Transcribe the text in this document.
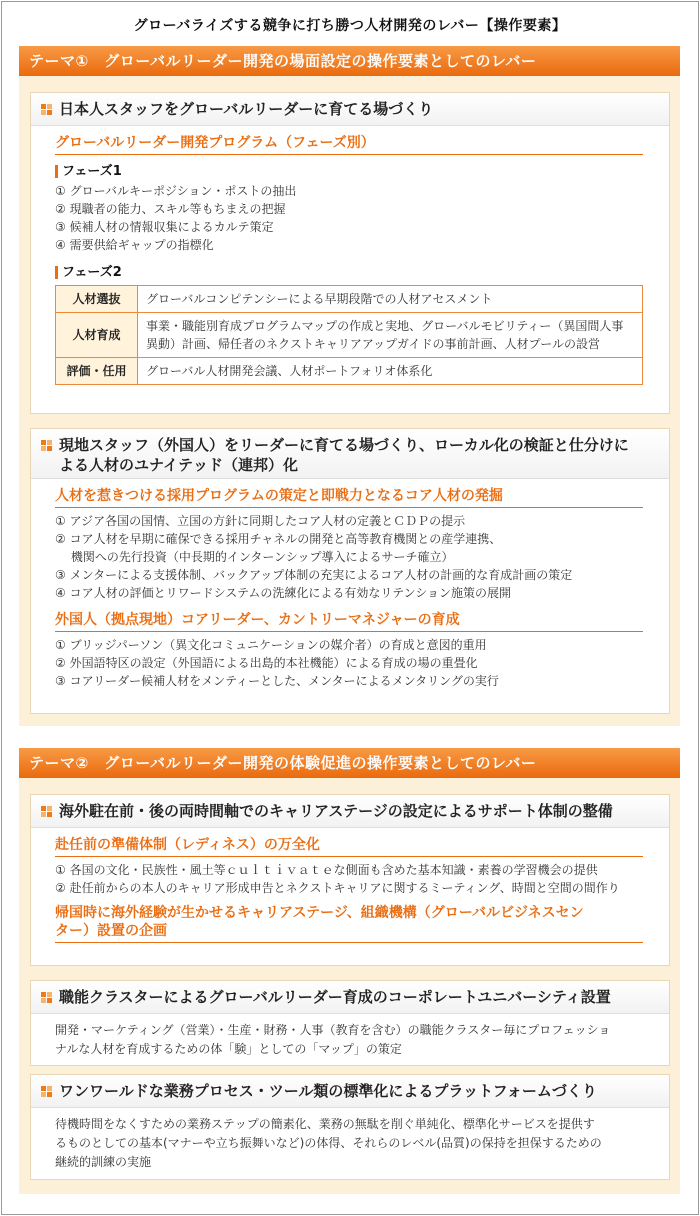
グローバライズする競争に打ち勝つ人材開発のレバー【操作要素】
テーマ①　グローバルリーダー開発の場面設定の操作要素としてのレバー
日本人スタッフをグローバルリーダーに育てる場づくり
グローバルリーダー開発プログラム（フェーズ別）
フェーズ1
① グローバルキーポジション・ポストの抽出
② 現職者の能力、スキル等もちまえの把握
③ 候補人材の情報収集によるカルテ策定
④ 需要供給ギャップの指標化
フェーズ2
人材選抜	グローバルコンピテンシーによる早期段階での人材アセスメント
人材育成	事業・職能別育成プログラムマップの作成と実地、グローバルモビリティー（異国間人事異動）計画、帰任者のネクストキャリアアップガイドの事前計画、人材プールの設営
評価・任用	グローバル人材開発会議、人材ポートフォリオ体系化
現地スタッフ（外国人）をリーダーに育てる場づくり、ローカル化の検証と仕分けに
よる人材のユナイテッド（連邦）化
人材を惹きつける採用プログラムの策定と即戦力となるコア人材の発掘
① アジア各国の国情、立国の方針に同期したコア人材の定義とＣＤＰの提示
② コア人材を早期に確保できる採用チャネルの開発と高等教育機関との産学連携、
　 機関への先行投資（中長期的インターンシップ導入によるサーチ確立）
③ メンターによる支援体制、バックアップ体制の充実によるコア人材の計画的な育成計画の策定
④ コア人材の評価とリワードシステムの洗練化による有効なリテンション施策の展開
外国人（拠点現地）コアリーダー、カントリーマネジャーの育成
① ブリッジパーソン（異文化コミュニケーションの媒介者）の育成と意図的重用
② 外国語特区の設定（外国語による出島的本社機能）による育成の場の重畳化
③ コアリーダー候補人材をメンティーとした、メンターによるメンタリングの実行
テーマ②　グローバルリーダー開発の体験促進の操作要素としてのレバー
海外駐在前・後の両時間軸でのキャリアステージの設定によるサポート体制の整備
赴任前の準備体制（レディネス）の万全化
① 各国の文化・民族性・風土等ｃｕｌｔｉｖａｔｅな側面も含めた基本知識・素養の学習機会の提供
② 赴任前からの本人のキャリア形成申告とネクストキャリアに関するミーティング、時間と空間の間作り
帰国時に海外経験が生かせるキャリアステージ、組織機構（グローバルビジネスセン
ター）設置の企画
職能クラスターによるグローバルリーダー育成のコーポレートユニバーシティ設置
開発・マーケティング（営業）・生産・財務・人事（教育を含む）の職能クラスター毎にプロフェッショ
ナルな人材を育成するための体「験」としての「マップ」の策定
ワンワールドな業務プロセス・ツール類の標準化によるプラットフォームづくり
待機時間をなくすための業務ステップの簡素化、業務の無駄を削ぐ単純化、標準化サービスを提供す
るものとしての基本(マナーや立ち振舞いなど)の体得、それらのレベル(品質)の保持を担保するための
継続的訓練の実施
